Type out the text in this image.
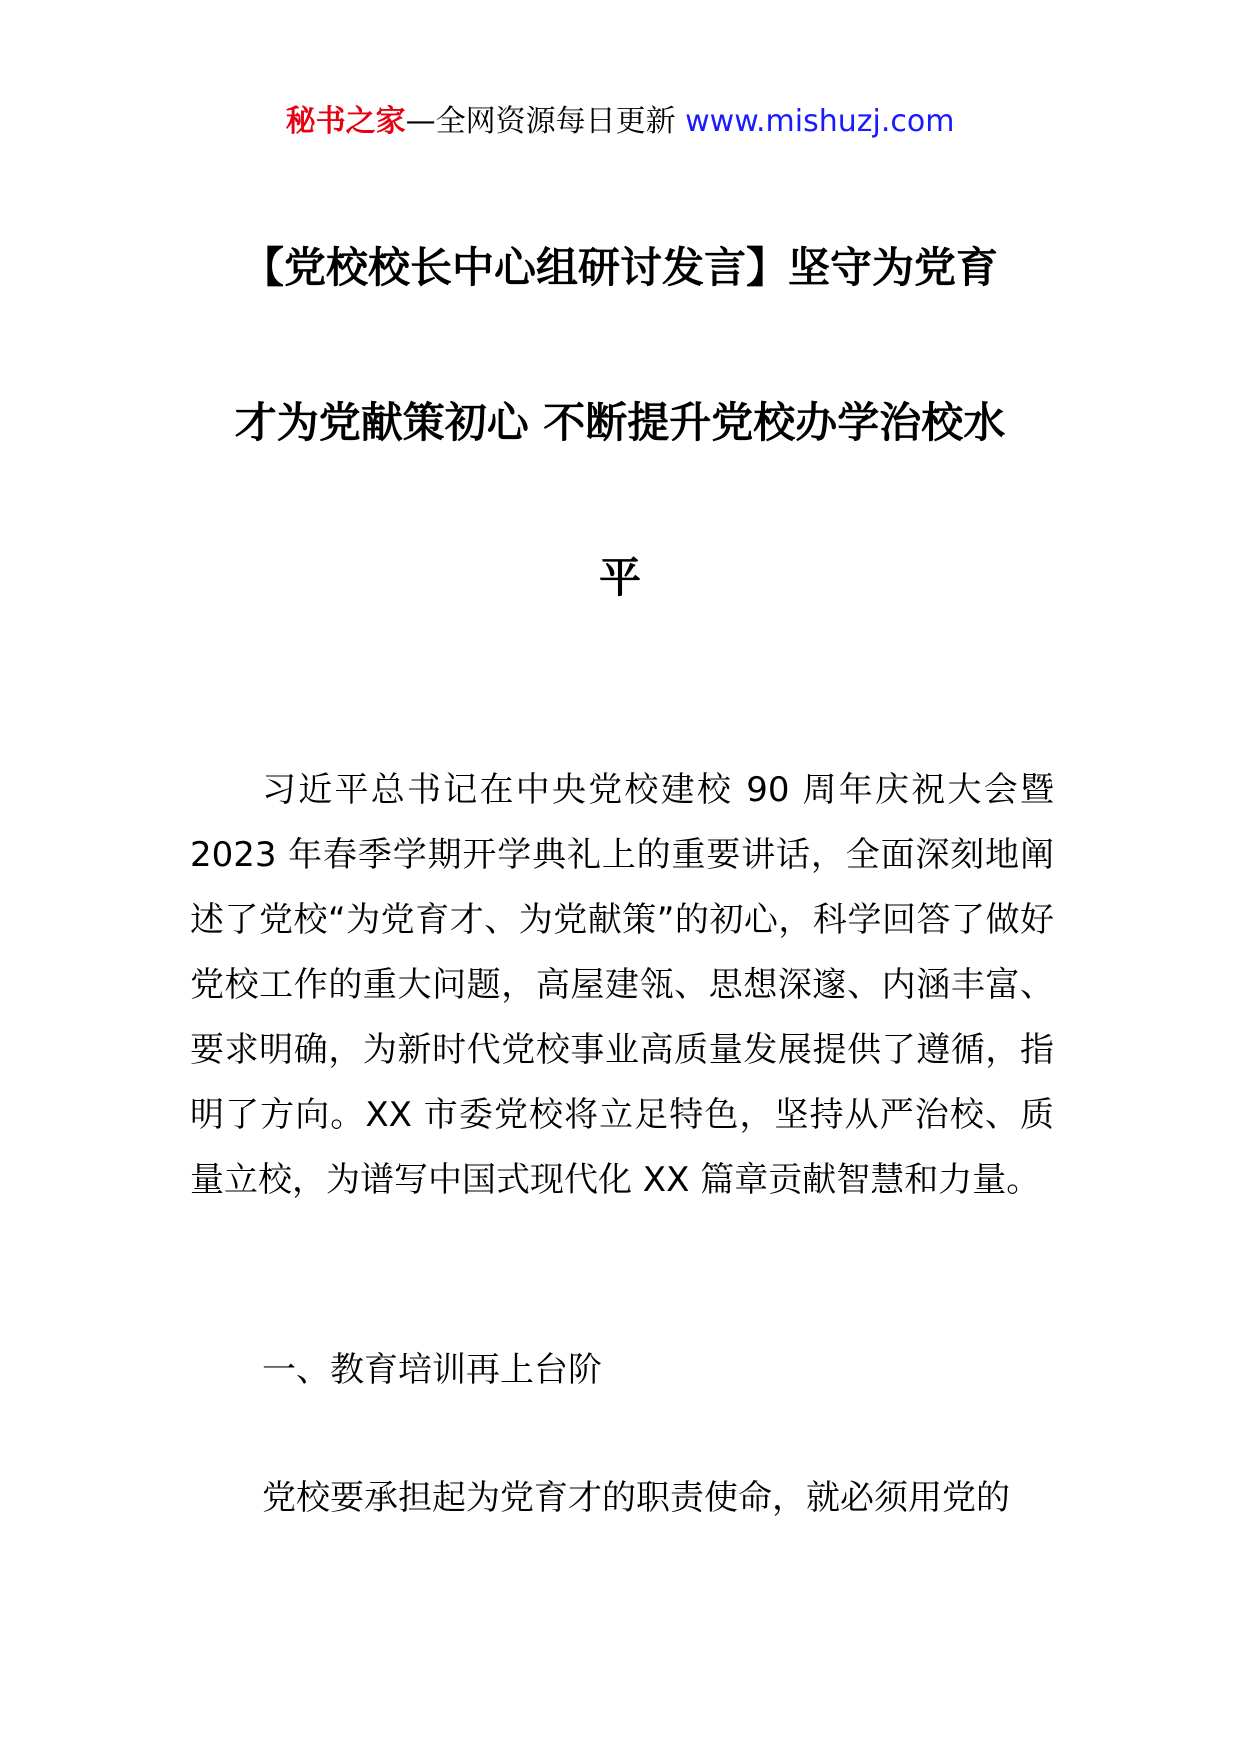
秘书之家—全网资源每日更新 www.mishuzj.com
【党校校长中心组研讨发言】坚守为党育
才为党献策初心 不断提升党校办学治校水
平

习近平总书记在中央党校建校 90 周年庆祝大会暨 2023 年春季学期开学典礼上的重要讲话，全面深刻地阐述了党校“为党育才、为党献策”的初心，科学回答了做好党校工作的重大问题，高屋建瓴、思想深邃、内涵丰富、要求明确，为新时代党校事业高质量发展提供了遵循，指明了方向。XX 市委党校将立足特色，坚持从严治校、质量立校，为谱写中国式现代化 XX 篇章贡献智慧和力量。

一、教育培训再上台阶

党校要承担起为党育才的职责使命，就必须用党的
